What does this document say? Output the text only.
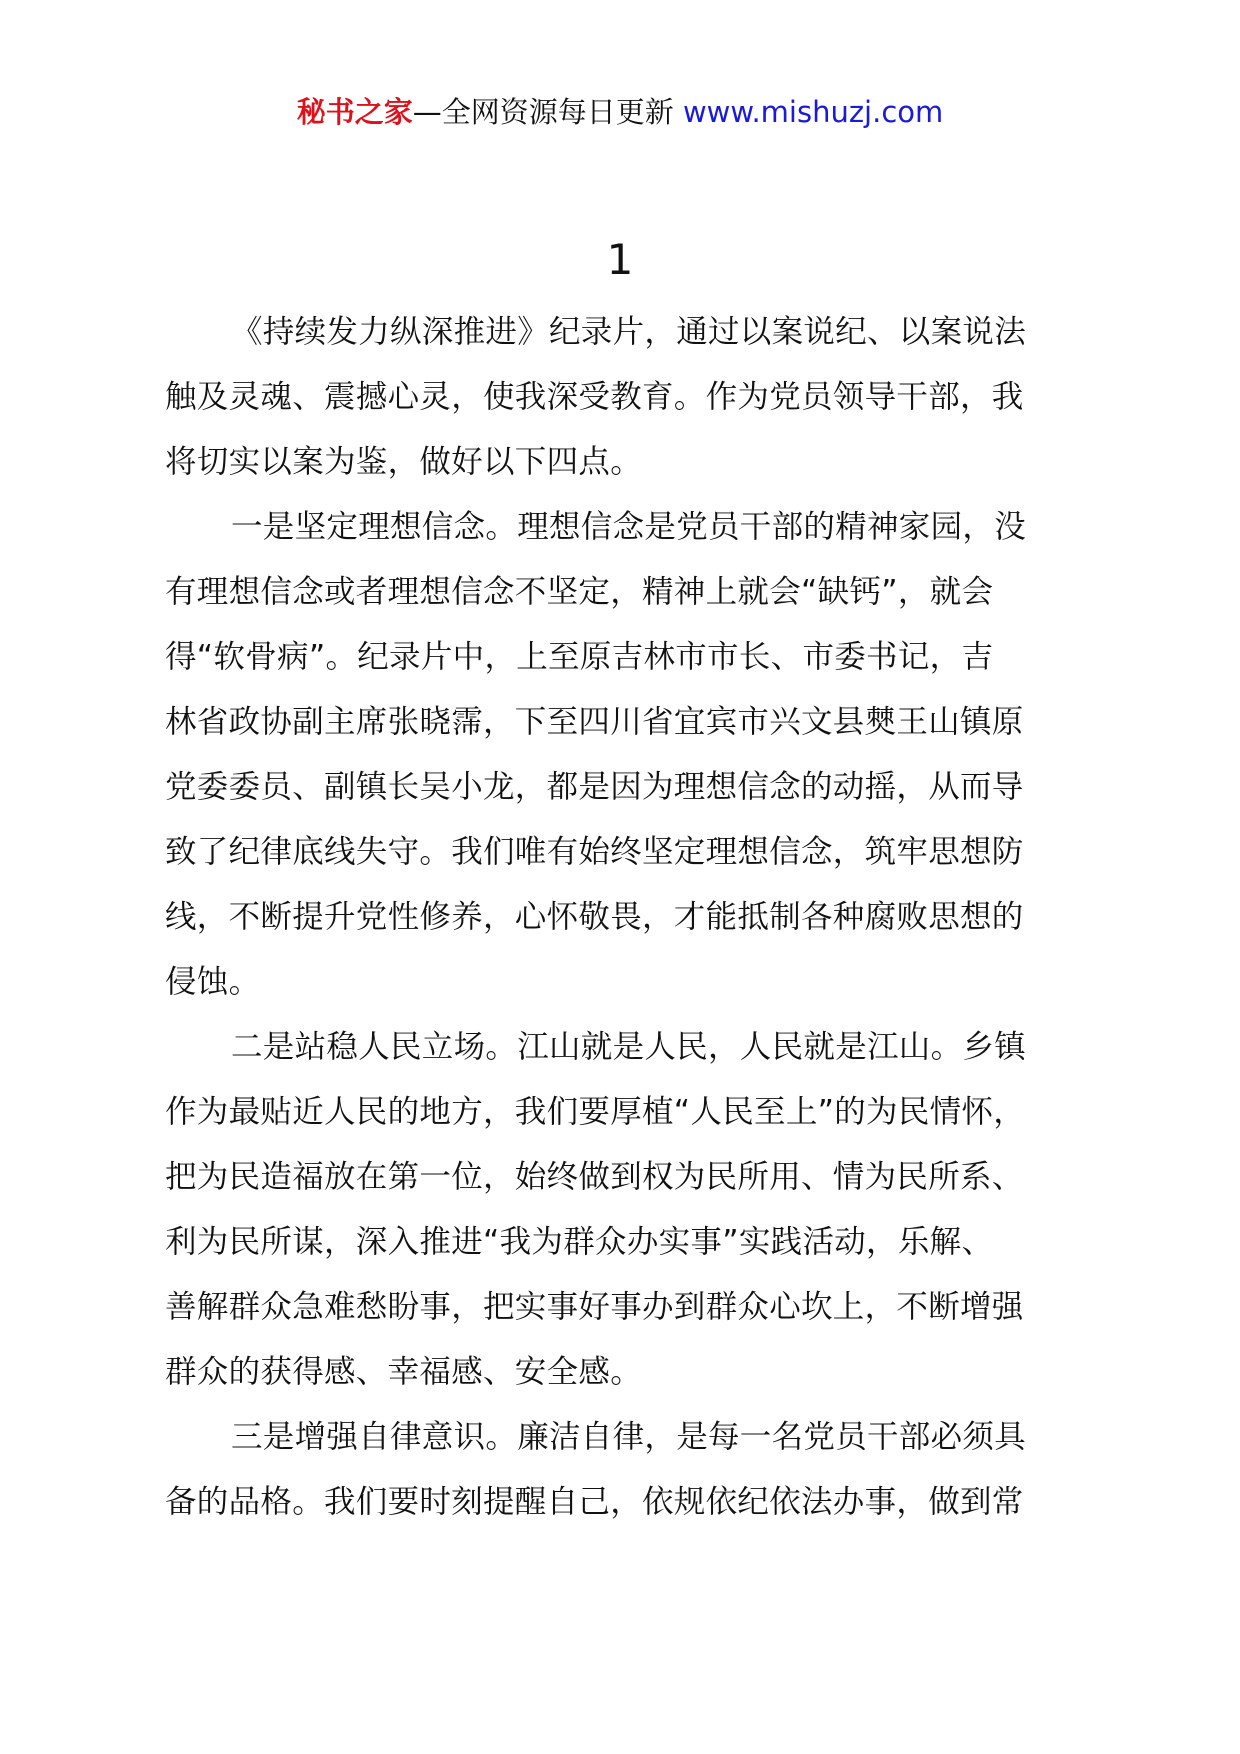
秘书之家—全网资源每日更新 www.mishuzj.com
1
《持续发力纵深推进》纪录片，通过以案说纪、以案说法
触及灵魂、震撼心灵，使我深受教育。作为党员领导干部，我
将切实以案为鉴，做好以下四点。
一是坚定理想信念。理想信念是党员干部的精神家园，没
有理想信念或者理想信念不坚定，精神上就会“缺钙”，就会
得“软骨病”。纪录片中，上至原吉林市市长、市委书记，吉
林省政协副主席张晓霈，下至四川省宜宾市兴文县僰王山镇原
党委委员、副镇长吴小龙，都是因为理想信念的动摇，从而导
致了纪律底线失守。我们唯有始终坚定理想信念，筑牢思想防
线，不断提升党性修养，心怀敬畏，才能抵制各种腐败思想的
侵蚀。
二是站稳人民立场。江山就是人民，人民就是江山。乡镇
作为最贴近人民的地方，我们要厚植“人民至上”的为民情怀，
把为民造福放在第一位，始终做到权为民所用、情为民所系、
利为民所谋，深入推进“我为群众办实事”实践活动，乐解、
善解群众急难愁盼事，把实事好事办到群众心坎上，不断增强
群众的获得感、幸福感、安全感。
三是增强自律意识。廉洁自律，是每一名党员干部必须具
备的品格。我们要时刻提醒自己，依规依纪依法办事，做到常
